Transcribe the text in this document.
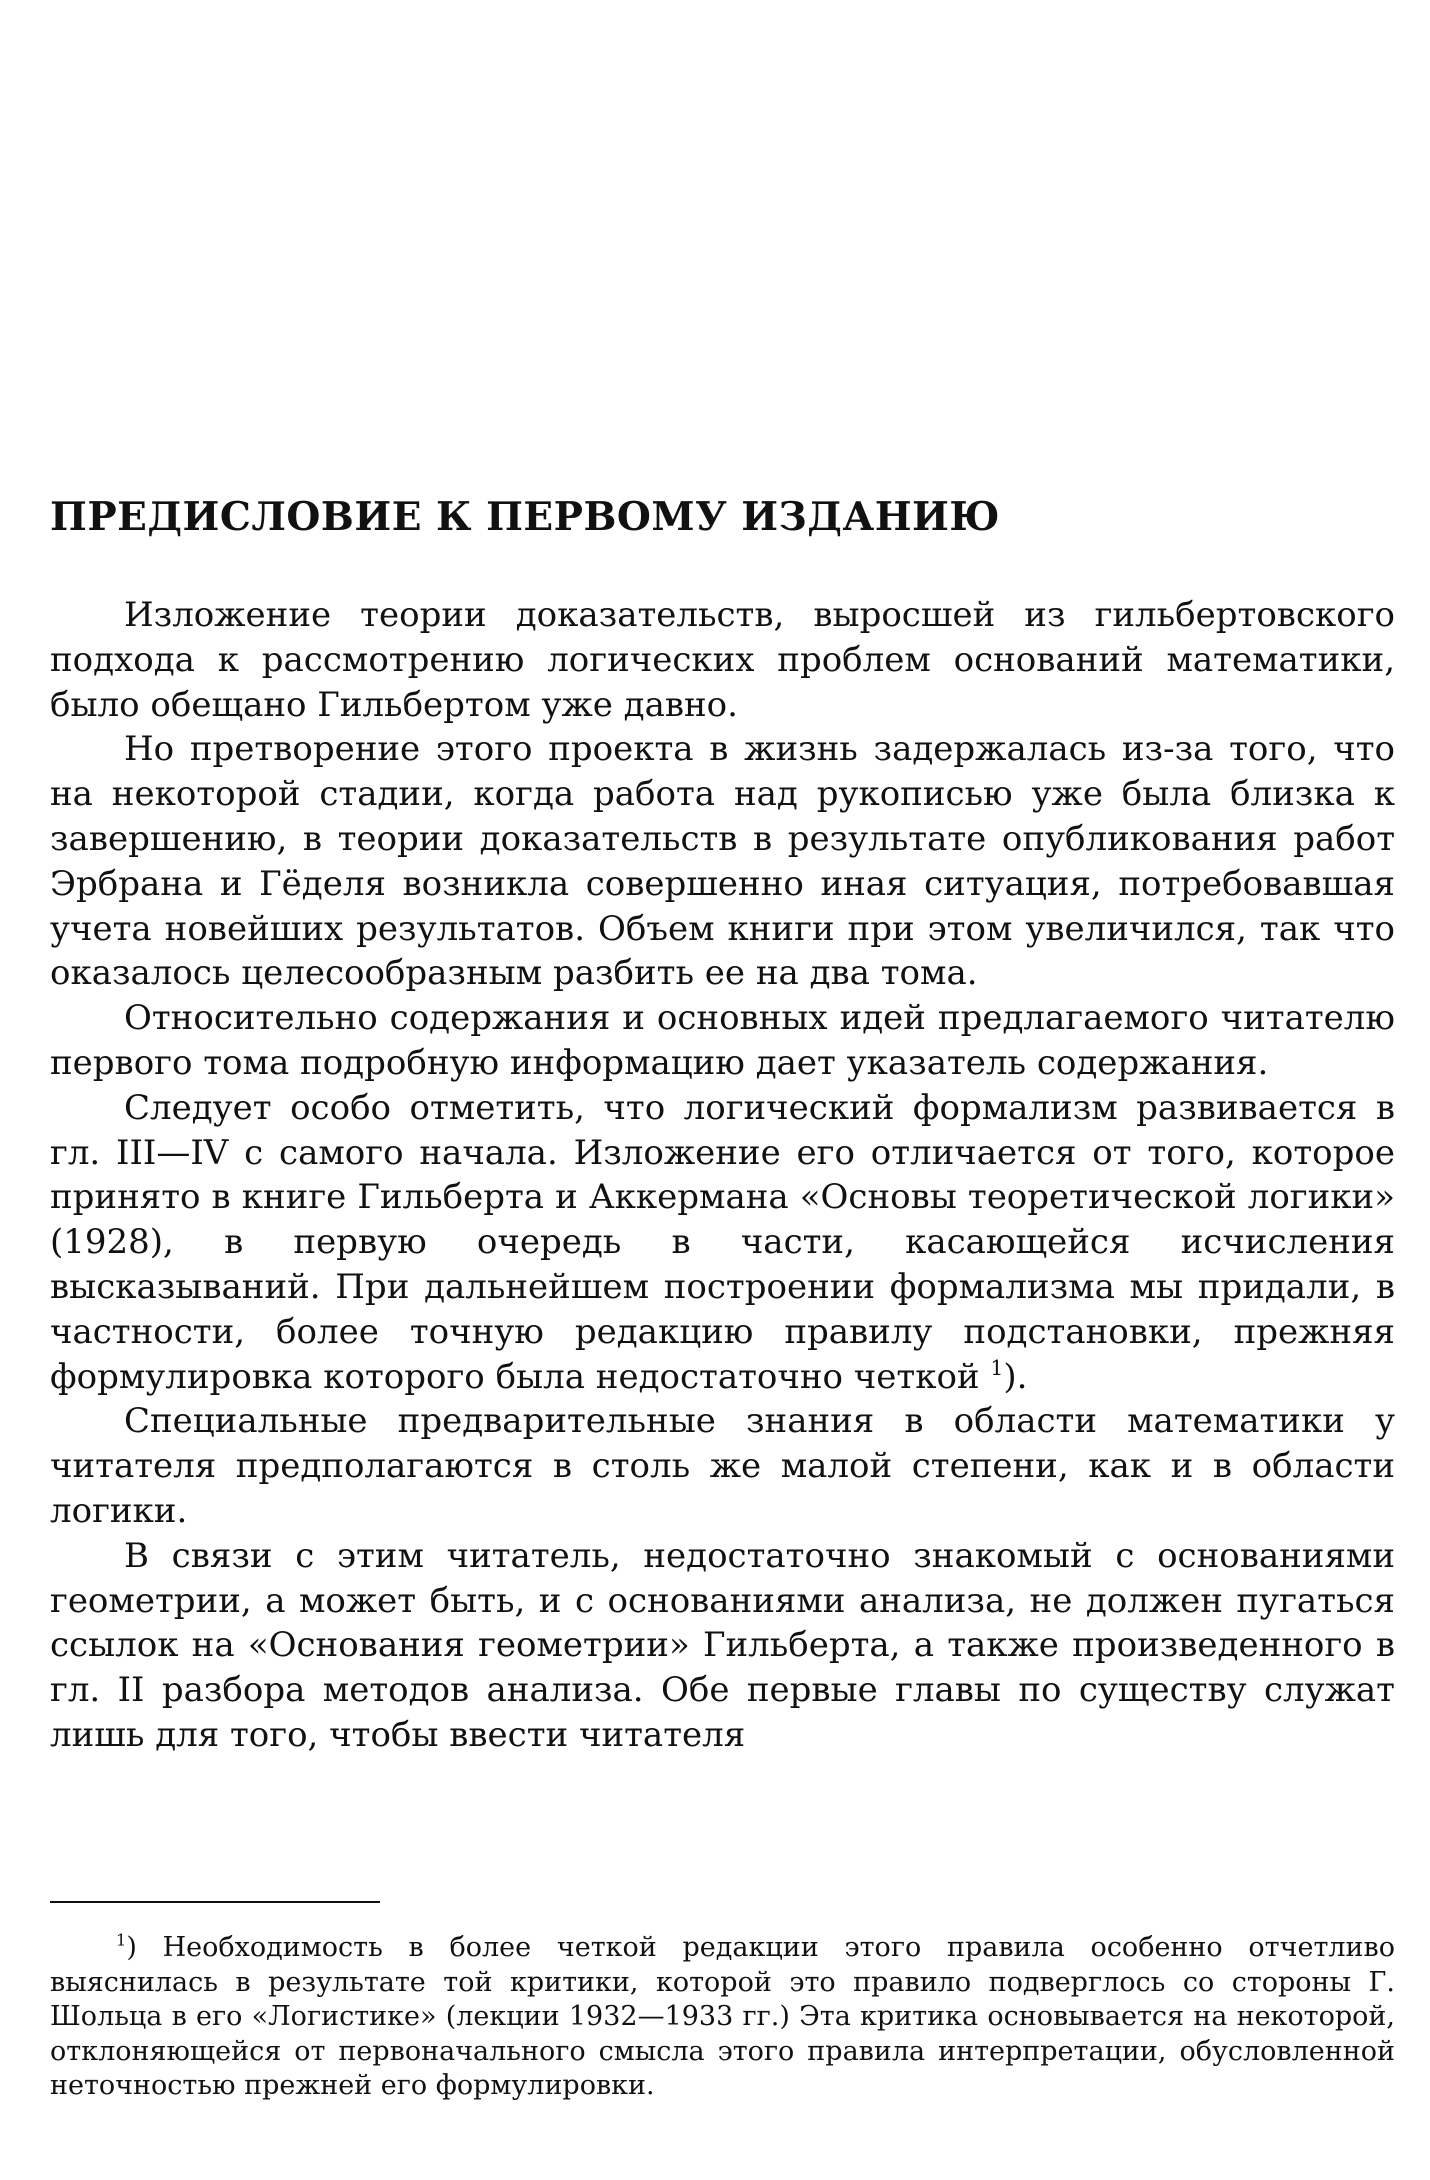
ПРЕДИСЛОВИЕ К ПЕРВОМУ ИЗДАНИЮ

Изложение теории доказательств, выросшей из гильбертовского подхода к рассмотрению логических проблем оснований математики, было обещано Гильбертом уже давно.

Но претворение этого проекта в жизнь задержалась из-за того, что на некоторой стадии, когда работа над рукописью уже была близка к завершению, в теории доказательств в результате опубликования работ Эрбрана и Гёделя возникла совершенно иная ситуация, потребовавшая учета новейших результатов. Объем книги при этом увеличился, так что оказалось целесообразным разбить ее на два тома.

Относительно содержания и основных идей предлагаемого читателю первого тома подробную информацию дает указатель содержания.

Следует особо отметить, что логический формализм развивается в гл. III—IV с самого начала. Изложение его отличается от того, которое принято в книге Гильберта и Аккермана «Основы теоретической логики» (1928), в первую очередь в части, касающейся исчисления высказываний. При дальнейшем построении формализма мы придали, в частности, более точную редакцию правилу подстановки, прежняя формулировка которого была недостаточно четкой $^1$).

Специальные предварительные знания в области математики у читателя предполагаются в столь же малой степени, как и в области логики.

В связи с этим читатель, недостаточно знакомый с основаниями геометрии, а может быть, и с основаниями анализа, не должен пугаться ссылок на «Основания геометрии» Гильберта, а также произведенного в гл. II разбора методов анализа. Обе первые главы по существу служат лишь для того, чтобы ввести читателя

$^1$) Необходимость в более четкой редакции этого правила особенно отчетливо выяснилась в результате той критики, которой это правило подверглось со стороны Г. Шольца в его «Логистике» (лекции 1932—1933 гг.) Эта критика основывается на некоторой, отклоняющейся от первоначального смысла этого правила интерпретации, обусловленной неточностью прежней его формулировки.
